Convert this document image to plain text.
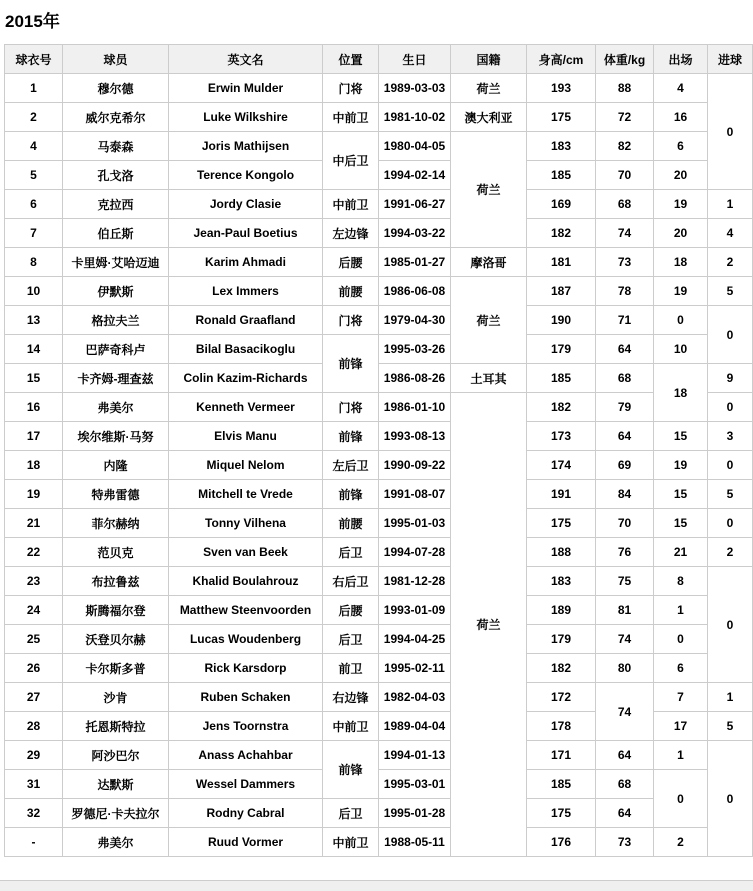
2015年
球衣号	球员	英文名	位置	生日	国籍	身高/cm	体重/kg	出场	进球
1	穆尔德	Erwin Mulder	门将	1989-03-03	荷兰	193	88	4	0
2	威尔克希尔	Luke Wilkshire	中前卫	1981-10-02	澳大利亚	175	72	16	
4	马泰森	Joris Mathijsen	中后卫	1980-04-05	荷兰	183	82	6	
5	孔戈洛	Terence Kongolo		1994-02-14		185	70	20	
6	克拉西	Jordy Clasie	中前卫	1991-06-27		169	68	19	1
7	伯丘斯	Jean-Paul Boetius	左边锋	1994-03-22		182	74	20	4
8	卡里姆·艾哈迈迪	Karim Ahmadi	后腰	1985-01-27	摩洛哥	181	73	18	2
10	伊默斯	Lex Immers	前腰	1986-06-08	荷兰	187	78	19	5
13	格拉夫兰	Ronald Graafland	门将	1979-04-30		190	71	0	0
14	巴萨奇科卢	Bilal Basacikoglu	前锋	1995-03-26		179	64	10	
15	卡齐姆-理查兹	Colin Kazim-Richards		1986-08-26	土耳其	185	68	18	9
16	弗美尔	Kenneth Vermeer	门将	1986-01-10	荷兰	182	79		0
17	埃尔维斯·马努	Elvis Manu	前锋	1993-08-13		173	64	15	3
18	内隆	Miquel Nelom	左后卫	1990-09-22		174	69	19	0
19	特弗雷德	Mitchell te Vrede	前锋	1991-08-07		191	84	15	5
21	菲尔赫纳	Tonny Vilhena	前腰	1995-01-03		175	70	15	0
22	范贝克	Sven van Beek	后卫	1994-07-28		188	76	21	2
23	布拉鲁兹	Khalid Boulahrouz	右后卫	1981-12-28		183	75	8	0
24	斯腾福尔登	Matthew Steenvoorden	后腰	1993-01-09		189	81	1	
25	沃登贝尔赫	Lucas Woudenberg	后卫	1994-04-25		179	74	0	
26	卡尔斯多普	Rick Karsdorp	前卫	1995-02-11		182	80	6	
27	沙肯	Ruben Schaken	右边锋	1982-04-03		172	74	7	1
28	托恩斯特拉	Jens Toornstra	中前卫	1989-04-04		178		17	5
29	阿沙巴尔	Anass Achahbar	前锋	1994-01-13		171	64	1	0
31	达默斯	Wessel Dammers		1995-03-01		185	68	0	
32	罗德尼·卡夫拉尔	Rodny Cabral	后卫	1995-01-28		175	64		
-	弗美尔	Ruud Vormer	中前卫	1988-05-11		176	73	2	
